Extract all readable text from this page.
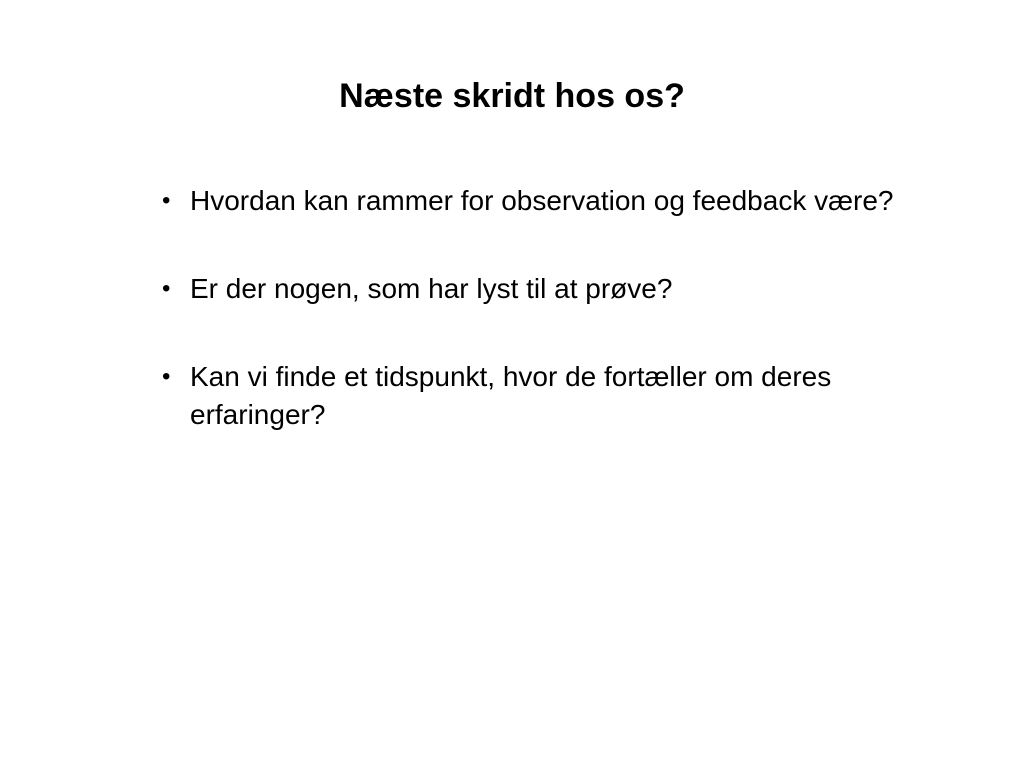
Næste skridt hos os?
• Hvordan kan rammer for observation og feedback være?
• Er der nogen, som har lyst til at prøve?
• Kan vi finde et tidspunkt, hvor de fortæller om deres erfaringer?
